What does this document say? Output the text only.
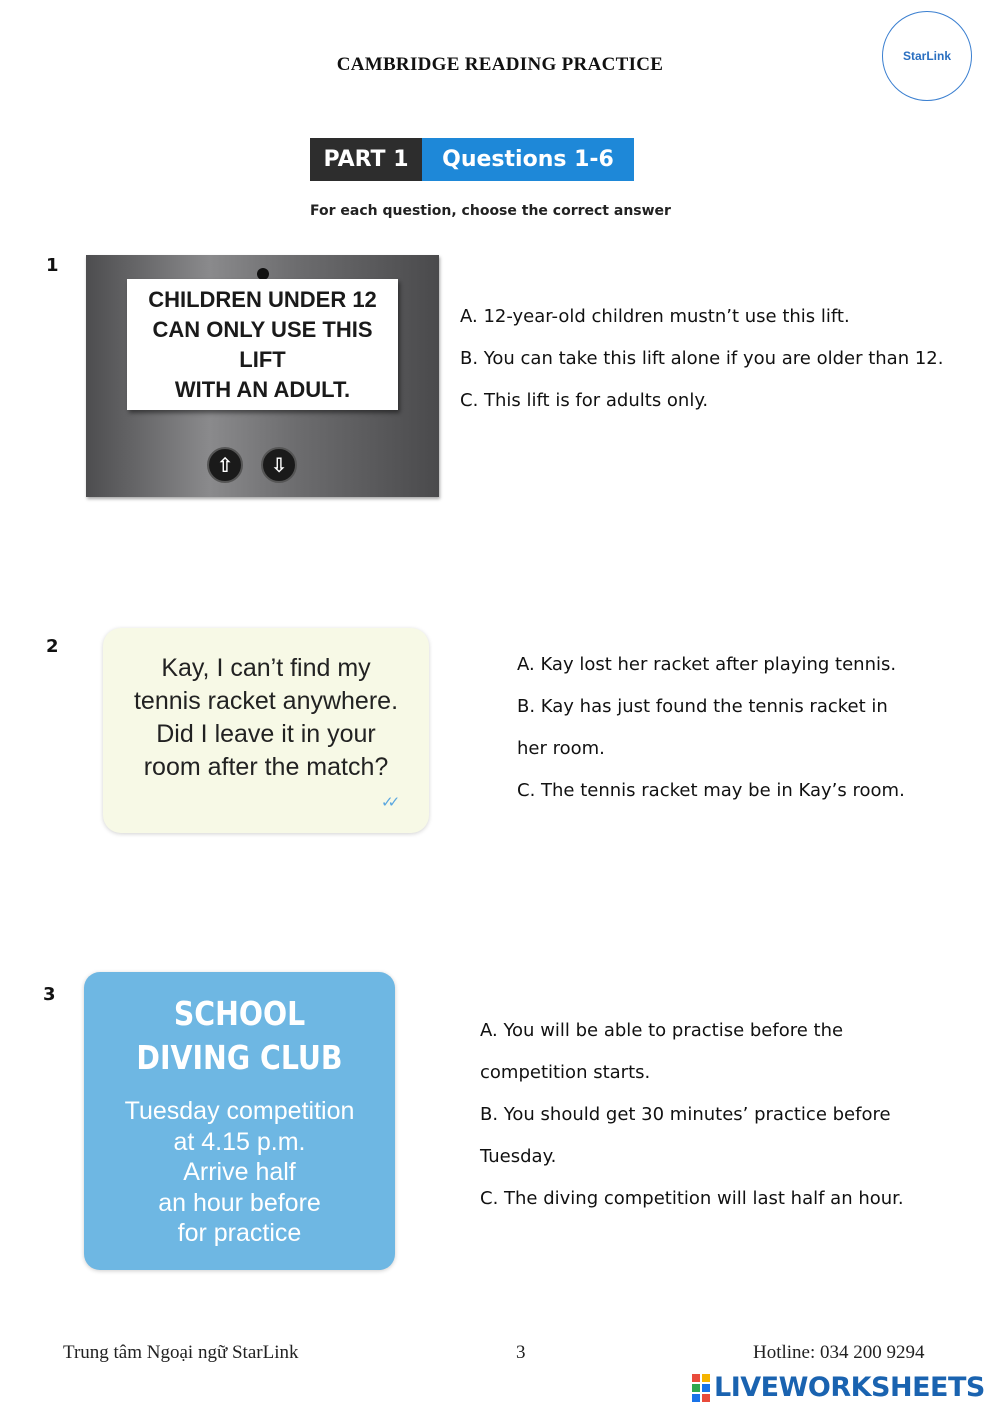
CAMBRIDGE READING PRACTICE	StarLink
PART 1	Questions 1-6
For each question, choose the correct answer
1
CHILDREN UNDER 12
CAN ONLY USE THIS LIFT
WITH AN ADULT.
⇧	⇩
A. 12-year-old children mustn’t use this lift.
B. You can take this lift alone if you are older than 12.
C. This lift is for adults only.
2
Kay, I can’t find my
tennis racket anywhere.
Did I leave it in your
room after the match?
✓✓
A. Kay lost her racket after playing tennis.
B. Kay has just found the tennis racket in
her room.
C. The tennis racket may be in Kay’s room.
3	SCHOOL
DIVING CLUB
Tuesday competition
at 4.15 p.m.
Arrive half
an hour before
for practice
A. You will be able to practise before the
competition starts.
B. You should get 30 minutes’ practice before
Tuesday.
C. The diving competition will last half an hour.
Trung tâm Ngoại ngữ StarLink	3	Hotline: 034 200 9294
LIVEWORKSHEETS
